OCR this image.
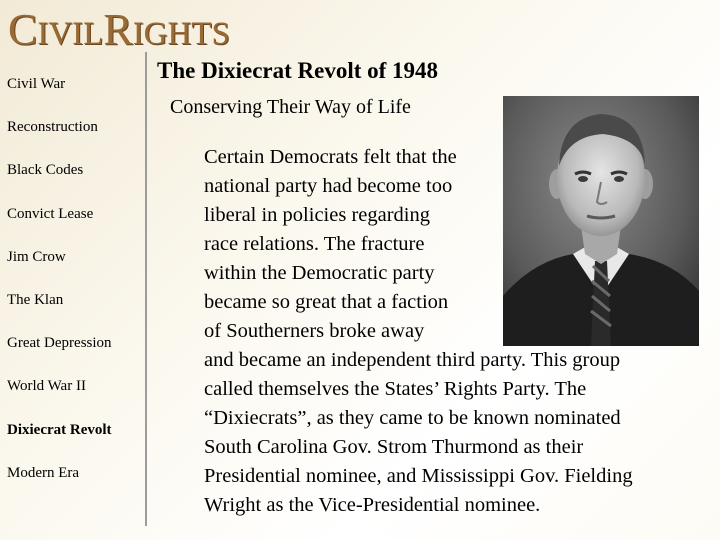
CIVILRIGHTS
Civil War
Reconstruction
Black Codes
Convict Lease
Jim Crow
The Klan
Great Depression
World War II
Dixiecrat Revolt
Modern Era
The Dixiecrat Revolt of 1948
Conserving Their Way of Life
Certain Democrats felt that the
national party had become too
liberal in policies regarding
race relations. The fracture
within the Democratic party
became so great that a faction
of Southerners broke away
and became an independent third party. This group
called themselves the States’ Rights Party. The
“Dixiecrats”, as they came to be known nominated
South Carolina Gov. Strom Thurmond as their
Presidential nominee, and Mississippi Gov. Fielding
Wright as the Vice-Presidential nominee.
